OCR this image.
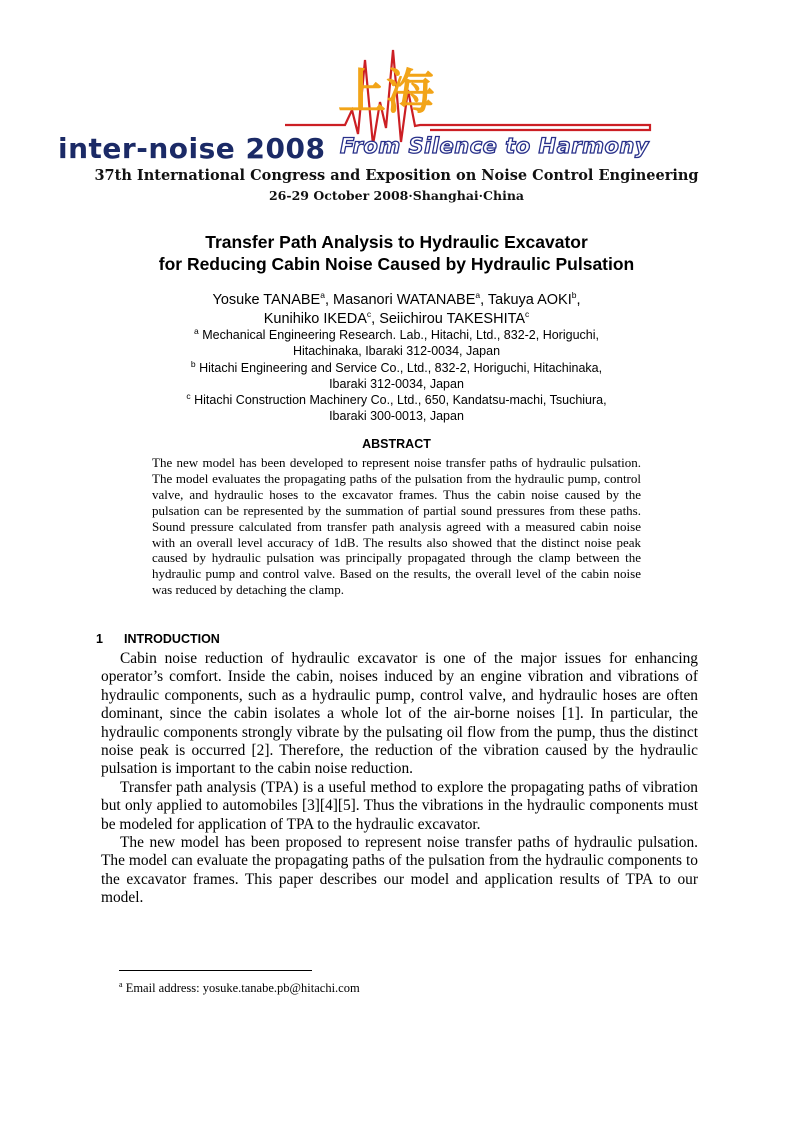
上海
inter-noise 2008 From Silence to Harmony
37th International Congress and Exposition on Noise Control Engineering
26-29 October 2008·Shanghai·China
Transfer Path Analysis to Hydraulic Excavator
for Reducing Cabin Noise Caused by Hydraulic Pulsation
Yosuke TANABE$^a$, Masanori WATANABE$^a$, Takuya AOKI$^b$,
Kunihiko IKEDA$^c$, Seiichirou TAKESHITA$^c$
$^a$ Mechanical Engineering Research. Lab., Hitachi, Ltd., 832-2, Horiguchi,
Hitachinaka, Ibaraki 312-0034, Japan
$^b$ Hitachi Engineering and Service Co., Ltd., 832-2, Horiguchi, Hitachinaka,
Ibaraki 312-0034, Japan
$^c$ Hitachi Construction Machinery Co., Ltd., 650, Kandatsu-machi, Tsuchiura,
Ibaraki 300-0013, Japan
ABSTRACT

The new model has been developed to represent noise transfer paths of hydraulic pulsation. The model evaluates the propagating paths of the pulsation from the hydraulic pump, control valve, and hydraulic hoses to the excavator frames. Thus the cabin noise caused by the pulsation can be represented by the summation of partial sound pressures from these paths. Sound pressure calculated from transfer path analysis agreed with a measured cabin noise with an overall level accuracy of 1dB. The results also showed that the distinct noise peak caused by hydraulic pulsation was principally propagated through the clamp between the hydraulic pump and control valve. Based on the results, the overall level of the cabin noise was reduced by detaching the clamp.

1 INTRODUCTION

Cabin noise reduction of hydraulic excavator is one of the major issues for enhancing operator’s comfort. Inside the cabin, noises induced by an engine vibration and vibrations of hydraulic components, such as a hydraulic pump, control valve, and hydraulic hoses are often dominant, since the cabin isolates a whole lot of the air-borne noises [1]. In particular, the hydraulic components strongly vibrate by the pulsating oil flow from the pump, thus the distinct noise peak is occurred [2]. Therefore, the reduction of the vibration caused by the hydraulic pulsation is important to the cabin noise reduction.

Transfer path analysis (TPA) is a useful method to explore the propagating paths of vibration but only applied to automobiles [3][4][5]. Thus the vibrations in the hydraulic components must be modeled for application of TPA to the hydraulic excavator.

The new model has been proposed to represent noise transfer paths of hydraulic pulsation. The model can evaluate the propagating paths of the pulsation from the hydraulic components to the excavator frames. This paper describes our model and application results of TPA to our model.

$^a$ Email address: yosuke.tanabe.pb@hitachi.com
